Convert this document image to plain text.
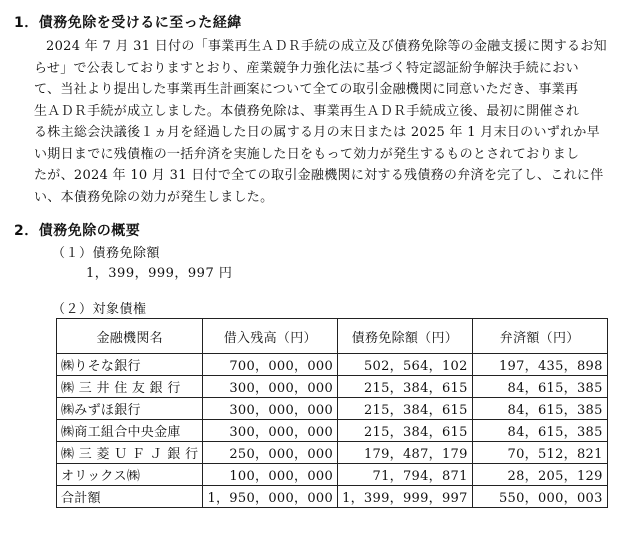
1．債務免除を受けるに至った経緯
2024 年 7 月 31 日付の「事業再生ＡＤＲ手続の成立及び債務免除等の金融支援に関するお知
らせ」で公表しておりますとおり、産業競争力強化法に基づく特定認証紛争解決手続におい
て、当社より提出した事業再生計画案について全ての取引金融機関に同意いただき、事業再
生ＡＤＲ手続が成立しました。本債務免除は、事業再生ＡＤＲ手続成立後、最初に開催され
る株主総会決議後１ヵ月を経過した日の属する月の末日または 2025 年 1 月末日のいずれか早
い期日までに残債権の一括弁済を実施した日をもって効力が発生するものとされておりまし
たが、2024 年 10 月 31 日付で全ての取引金融機関に対する残債務の弁済を完了し、これに伴
い、本債務免除の効力が発生しました。
2．債務免除の概要
（１）債務免除額
1，399，999，997 円
（２）対象債権
金融機関名	借入残高（円）	債務免除額（円）	弁済額（円）
㈱りそな銀行	700，000，000	502，564，102	197，435，898
㈱ 三 井 住 友 銀 行	300，000，000	215，384，615	84，615，385
㈱みずほ銀行	300，000，000	215，384，615	84，615，385
㈱商工組合中央金庫	300，000，000	215，384，615	84，615，385
㈱ 三 菱 Ｕ Ｆ Ｊ 銀 行	250，000，000	179，487，179	70，512，821
オリックス㈱	100，000，000	71，794，871	28，205，129
合計額	1，950，000，000	1，399，999，997	550，000，003
